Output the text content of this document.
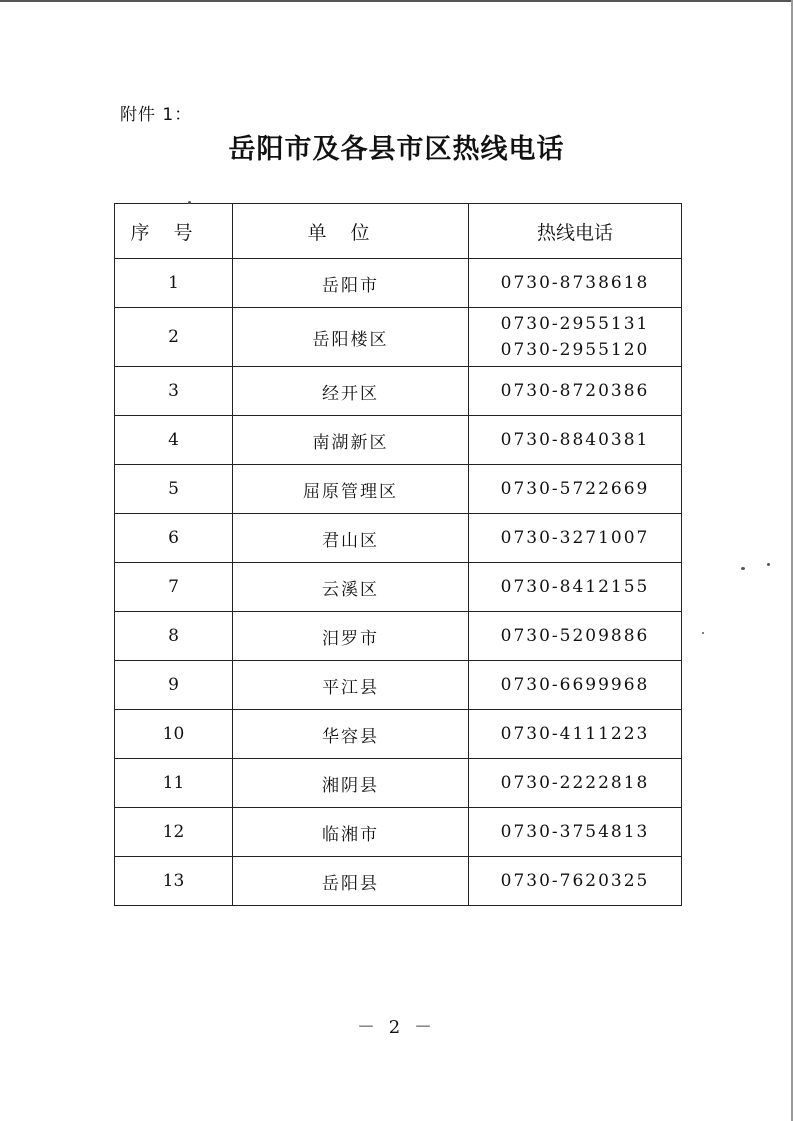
附件 1：
岳阳市及各县市区热线电话
序号	单位	热线电话
1	岳阳市	0730-8738618

2	岳阳楼区	0730-2955131
0730-2955120

3	经开区	0730-8720386

4	南湖新区	0730-8840381

5	屈原管理区	0730-5722669

6	君山区	0730-3271007

7	云溪区	0730-8412155

8	汨罗市	0730-5209886

9	平江县	0730-6699968

10	华容县	0730-4111223

11	湘阴县	0730-2222818

12	临湘市	0730-3754813

13	岳阳县	0730-7620325
－ 2 －
